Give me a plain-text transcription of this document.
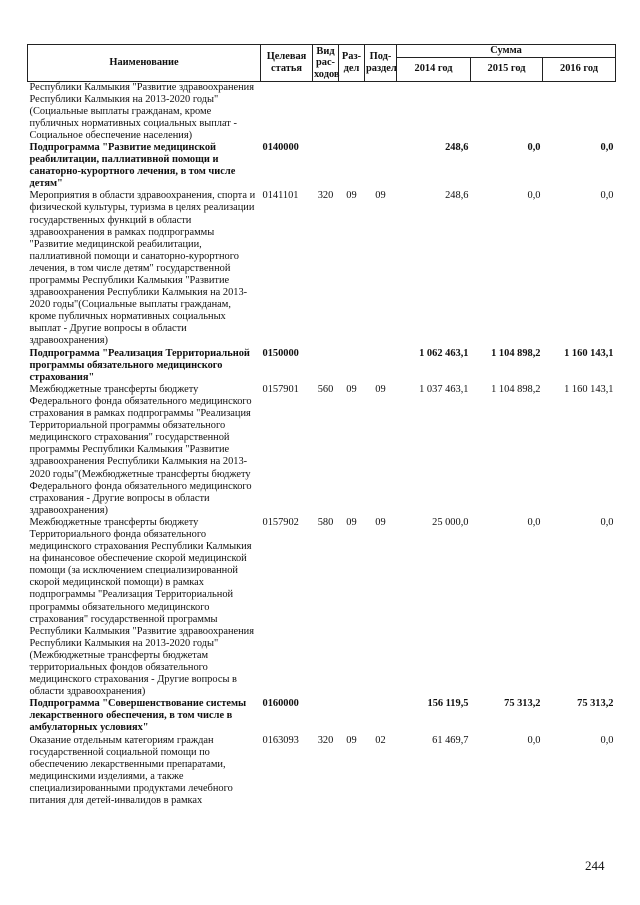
Наименование	Целевая статья	Вид рас-ходов	Раз-дел	Под-раздел	Сумма		
					2014 год	2015 год	2016 год
Республики Калмыкия "Развитие здравоохранения Республики Калмыкия на 2013-2020 годы"(Социальные выплаты гражданам, кроме публичных нормативных социальных выплат - Социальное обеспечение населения)							
Подпрограмма "Развитие медицинской реабилитации, паллиативной помощи и санаторно-курортного лечения, в том числе детям"	0140000				248,6	0,0	0,0
Мероприятия в области здравоохранения, спорта и физической культуры, туризма в целях реализации государственных функций в области здравоохранения в рамках подпрограммы "Развитие медицинской реабилитации, паллиативной помощи и санаторно-курортного лечения, в том числе детям" государственной программы Республики Калмыкия "Развитие здравоохранения Республики Калмыкия на 2013-2020 годы"(Социальные выплаты гражданам, кроме публичных нормативных социальных выплат - Другие вопросы в области здравоохранения)	0141101	320	09	09	248,6	0,0	0,0
Подпрограмма "Реализация Территориальной программы обязательного медицинского страхования"	0150000				1 062 463,1	1 104 898,2	1 160 143,1
Межбюджетные трансферты бюджету Федерального фонда обязательного медицинского страхования в рамках подпрограммы "Реализация Территориальной программы обязательного медицинского страхования" государственной программы Республики Калмыкия "Развитие здравоохранения Республики Калмыкия на 2013-2020 годы"(Межбюджетные трансферты бюджету Федерального фонда обязательного медицинского страхования - Другие вопросы в области здравоохранения)	0157901	560	09	09	1 037 463,1	1 104 898,2	1 160 143,1
Межбюджетные трансферты бюджету Территориального фонда обязательного медицинского страхования Республики Калмыкия на финансовое обеспечение скорой медицинской помощи (за исключением специализированной скорой медицинской помощи) в рамках подпрограммы "Реализация Территориальной программы обязательного медицинского страхования" государственной программы Республики Калмыкия "Развитие здравоохранения Республики Калмыкия на 2013-2020 годы"(Межбюджетные трансферты бюджетам территориальных фондов обязательного медицинского страхования - Другие вопросы в области здравоохранения)	0157902	580	09	09	25 000,0	0,0	0,0
Подпрограмма "Совершенствование системы лекарственного обеспечения, в том числе в амбулаторных условиях"	0160000				156 119,5	75 313,2	75 313,2
Оказание отдельным категориям граждан государственной социальной помощи по обеспечению лекарственными препаратами, медицинскими изделиями, а также специализированными продуктами лечебного питания для детей-инвалидов в рамках	0163093	320	09	02	61 469,7	0,0	0,0
244
